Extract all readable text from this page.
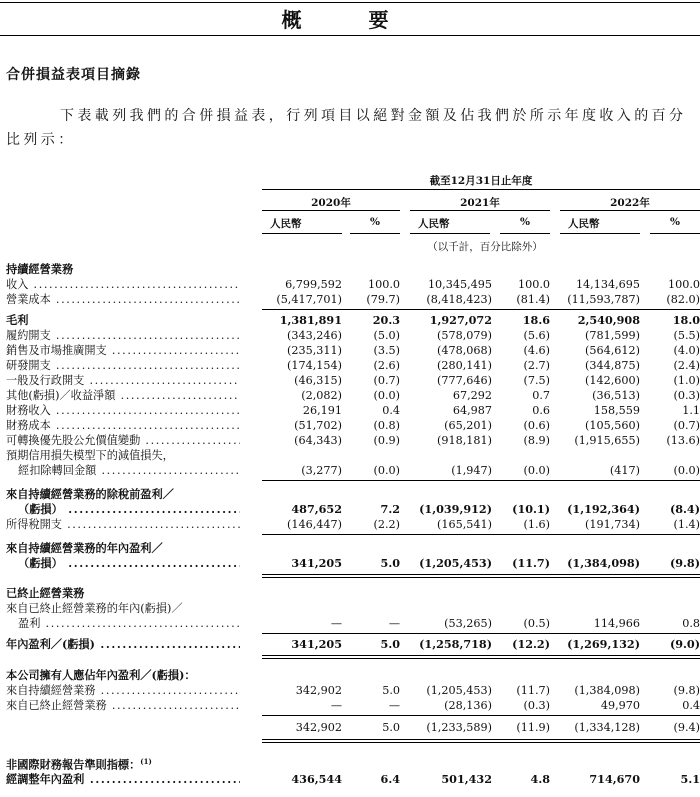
概 要
合併損益表項目摘錄
下表載列我們的合併損益表，行列項目以絕對金額及佔我們於所示年度收入的百分比列示：
截至12月31日止年度
2020年	2021年	2022年
人民幣	%	人民幣	%	人民幣	%
（以千計，百分比除外）
持續經營業務
收入 .....	6,799,592 100.0 10,345,495 100.0 14,134,695 100.0
營業成本 .....	(5,417,701) (79.7) (8,418,423) (81.4) (11,593,787) (82.0)
毛利	1,381,891	20.3	1,927,072	18.6 2,540,908	18.0
履約開支 .....	(343,246)	(5.0)	(578,079)	(5.6)	(781,599)	(5.5)
銷售及市場推廣開支 .....	(235,311)	(3.5)	(478,068)	(4.6)	(564,612)	(4.0)
研發開支 .....	(174,154)	(2.6)	(280,141)	(2.7)	(344,875)	(2.4)
一般及行政開支 .....	(46,315)	(0.7)	(777,646)	(7.5)	(142,600)	(1.0)
其他(虧損)／收益淨額 .....	(2,082)	(0.0)	67,292	0.7	(36,513)	(0.3)
財務收入 .....	26,191	0.4	64,987	0.6	158,559	1.1
財務成本 .....	(51,702)	(0.8)	(65,201)	(0.6)	(105,560)	(0.7)
可轉換優先股公允價值變動 .....	(64,343)	(0.9)	(918,181)	(8.9) (1,915,655) (13.6)
預期信用損失模型下的減值損失，
經扣除轉回金額 .....	(3,277)	(0.0)	(1,947)	(0.0)	(417)	(0.0)
來自持續經營業務的除稅前盈利／
（虧損） .....	487,652	7.2 (1,039,912) (10.1) (1,192,364)	(8.4)
所得稅開支 .....	(146,447)	(2.2)	(165,541)	(1.6)	(191,734)	(1.4)
來自持續經營業務的年內盈利／
（虧損） .....	341,205	5.0 (1,205,453) (11.7) (1,384,098)	(9.8)
已終止經營業務
來自已終止經營業務的年內(虧損)／
盈利 .....	—	—	(53,265)	(0.5)	114,966	0.8
年內盈利／(虧損) .....	341,205	5.0 (1,258,718) (12.2) (1,269,132)	(9.0)
本公司擁有人應佔年內盈利／(虧損)：
來自持續經營業務 .....	342,902	5.0 (1,205,453) (11.7) (1,384,098)	(9.8)
來自已終止經營業務 .....	—	—	(28,136)	(0.3)	49,970	0.4
342,902	5.0 (1,233,589) (11.9) (1,334,128)	(9.4)
非國際財務報告準則指標：$^{(1)}$
經調整年內盈利 .....	436,544	6.4	501,432	4.8	714,670	5.1
